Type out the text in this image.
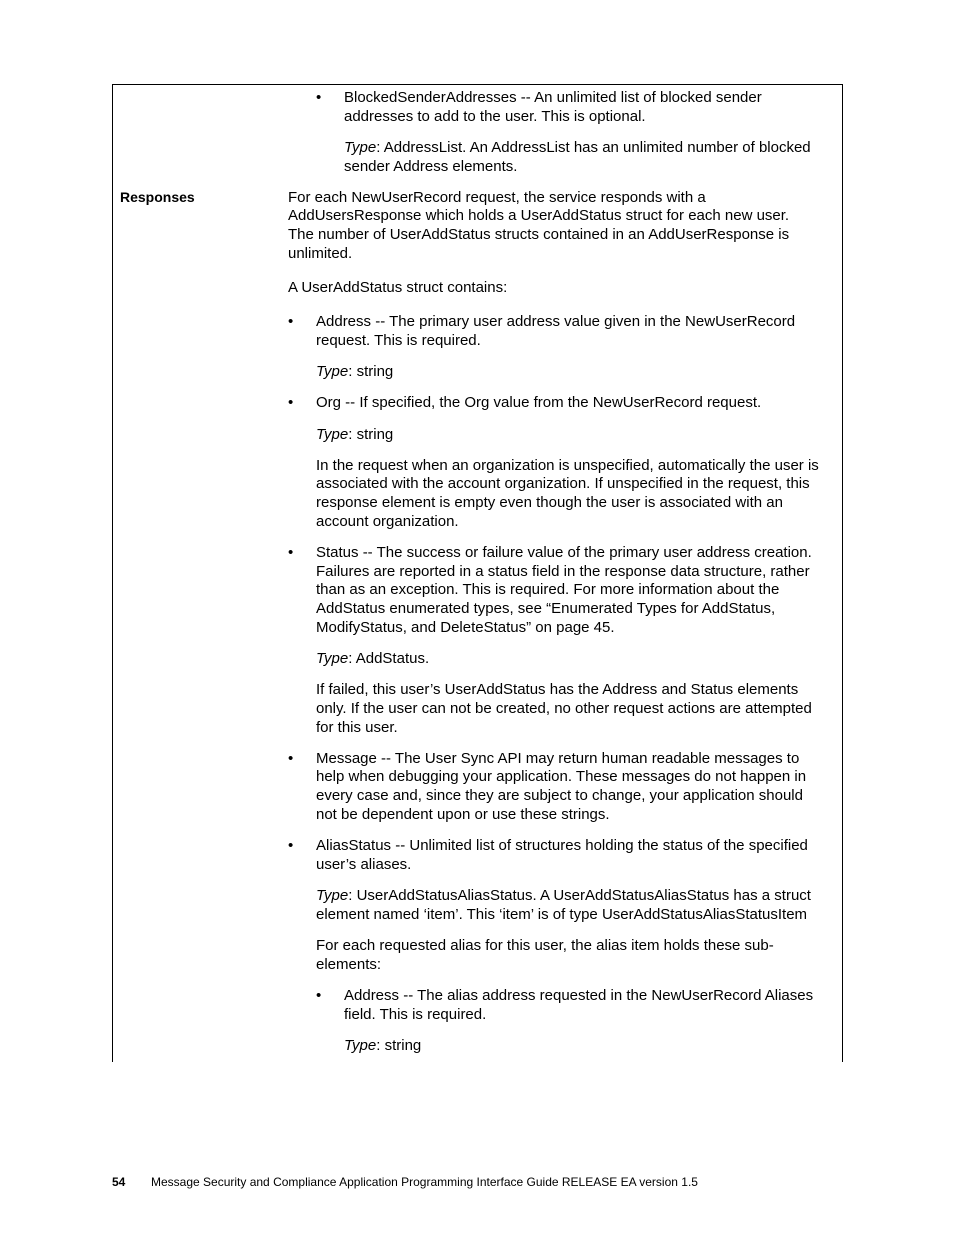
• BlockedSenderAddresses -- An unlimited list of blocked sender
addresses to add to the user. This is optional.
Type: AddressList. An AddressList has an unlimited number of blocked
sender Address elements.
Responses	For each NewUserRecord request, the service responds with a
AddUsersResponse which holds a UserAddStatus struct for each new user.
The number of UserAddStatus structs contained in an AddUserResponse is
unlimited.
A UserAddStatus struct contains:
• Address -- The primary user address value given in the NewUserRecord
request. This is required.
Type: string
• Org -- If specified, the Org value from the NewUserRecord request.
Type: string
In the request when an organization is unspecified, automatically the user is
associated with the account organization. If unspecified in the request, this
response element is empty even though the user is associated with an
account organization.
• Status -- The success or failure value of the primary user address creation.
Failures are reported in a status field in the response data structure, rather
than as an exception. This is required. For more information about the
AddStatus enumerated types, see “Enumerated Types for AddStatus,
ModifyStatus, and DeleteStatus” on page 45.
Type: AddStatus.
If failed, this user’s UserAddStatus has the Address and Status elements
only. If the user can not be created, no other request actions are attempted
for this user.
• Message -- The User Sync API may return human readable messages to
help when debugging your application. These messages do not happen in
every case and, since they are subject to change, your application should
not be dependent upon or use these strings.
• AliasStatus -- Unlimited list of structures holding the status of the specified
user’s aliases.
Type: UserAddStatusAliasStatus. A UserAddStatusAliasStatus has a struct
element named ‘item’. This ‘item’ is of type UserAddStatusAliasStatusItem
For each requested alias for this user, the alias item holds these sub-
elements:
• Address -- The alias address requested in the NewUserRecord Aliases
field. This is required.
Type: string
54 Message Security and Compliance Application Programming Interface Guide RELEASE EA version 1.5
